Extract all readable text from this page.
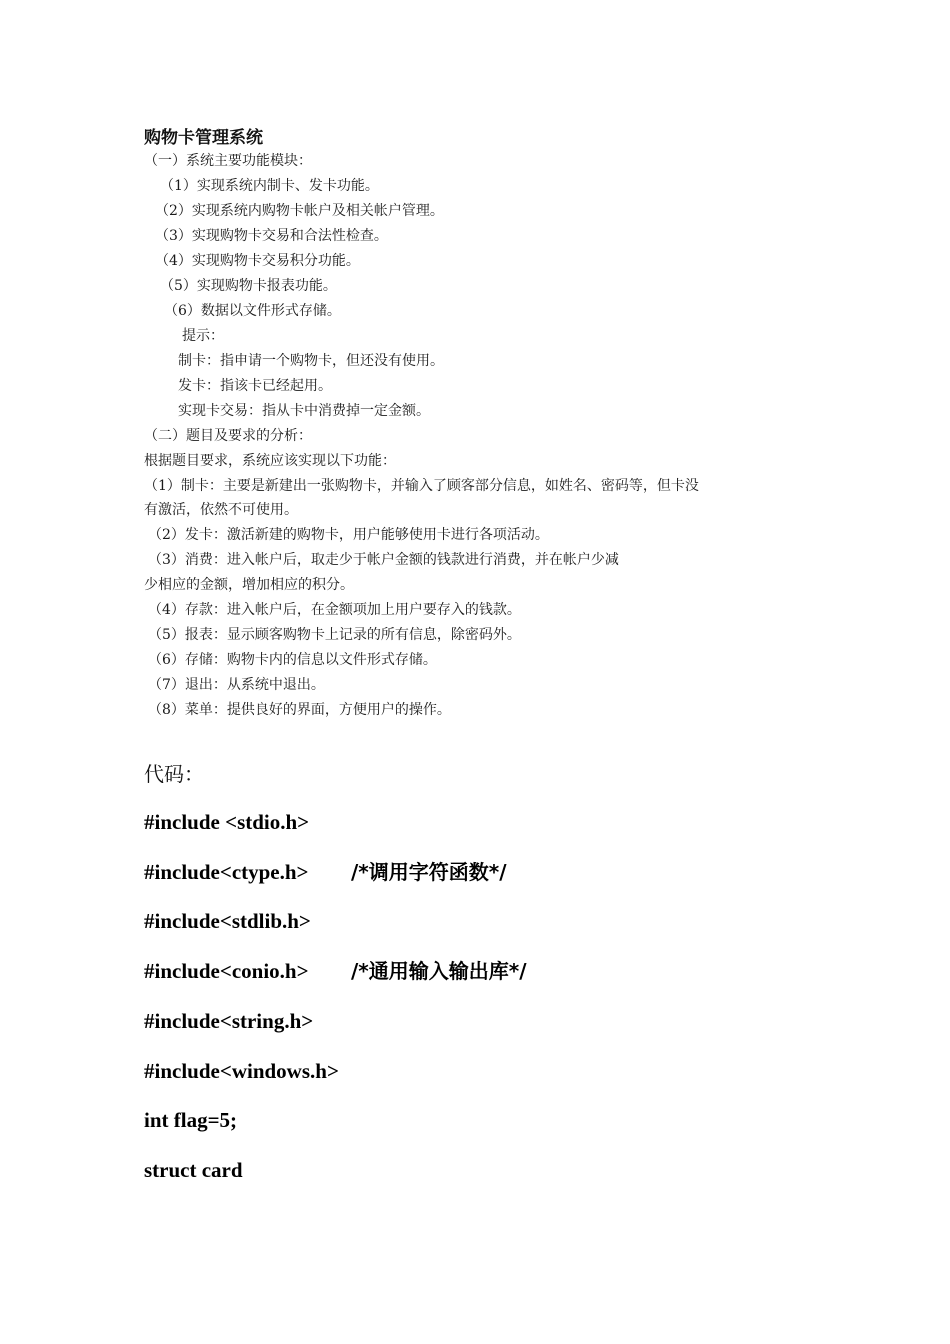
购物卡管理系统
（一）系统主要功能模块：
（1）实现系统内制卡、发卡功能。
（2）实现系统内购物卡帐户及相关帐户管理。
（3）实现购物卡交易和合法性检查。
（4）实现购物卡交易积分功能。
（5）实现购物卡报表功能。
（6）数据以文件形式存储。
提示：
制卡：指申请一个购物卡，但还没有使用。
发卡：指该卡已经起用。
实现卡交易：指从卡中消费掉一定金额。
（二）题目及要求的分析：
根据题目要求，系统应该实现以下功能：
（1）制卡：主要是新建出一张购物卡，并输入了顾客部分信息，如姓名、密码等，但卡没
有激活，依然不可使用。
（2）发卡：激活新建的购物卡，用户能够使用卡进行各项活动。
（3）消费：进入帐户后，取走少于帐户金额的钱款进行消费，并在帐户少减
少相应的金额，增加相应的积分。
（4）存款：进入帐户后，在金额项加上用户要存入的钱款。
（5）报表：显示顾客购物卡上记录的所有信息，除密码外。
（6）存储：购物卡内的信息以文件形式存储。
（7）退出：从系统中退出。
（8）菜单：提供良好的界面，方便用户的操作。
代码：
#include <stdio.h>
#include<ctype.h> /*调用字符函数*/
#include<stdlib.h>
#include<conio.h> /*通用输入输出库*/
#include<string.h>
#include<windows.h>
int flag=5;
struct card
